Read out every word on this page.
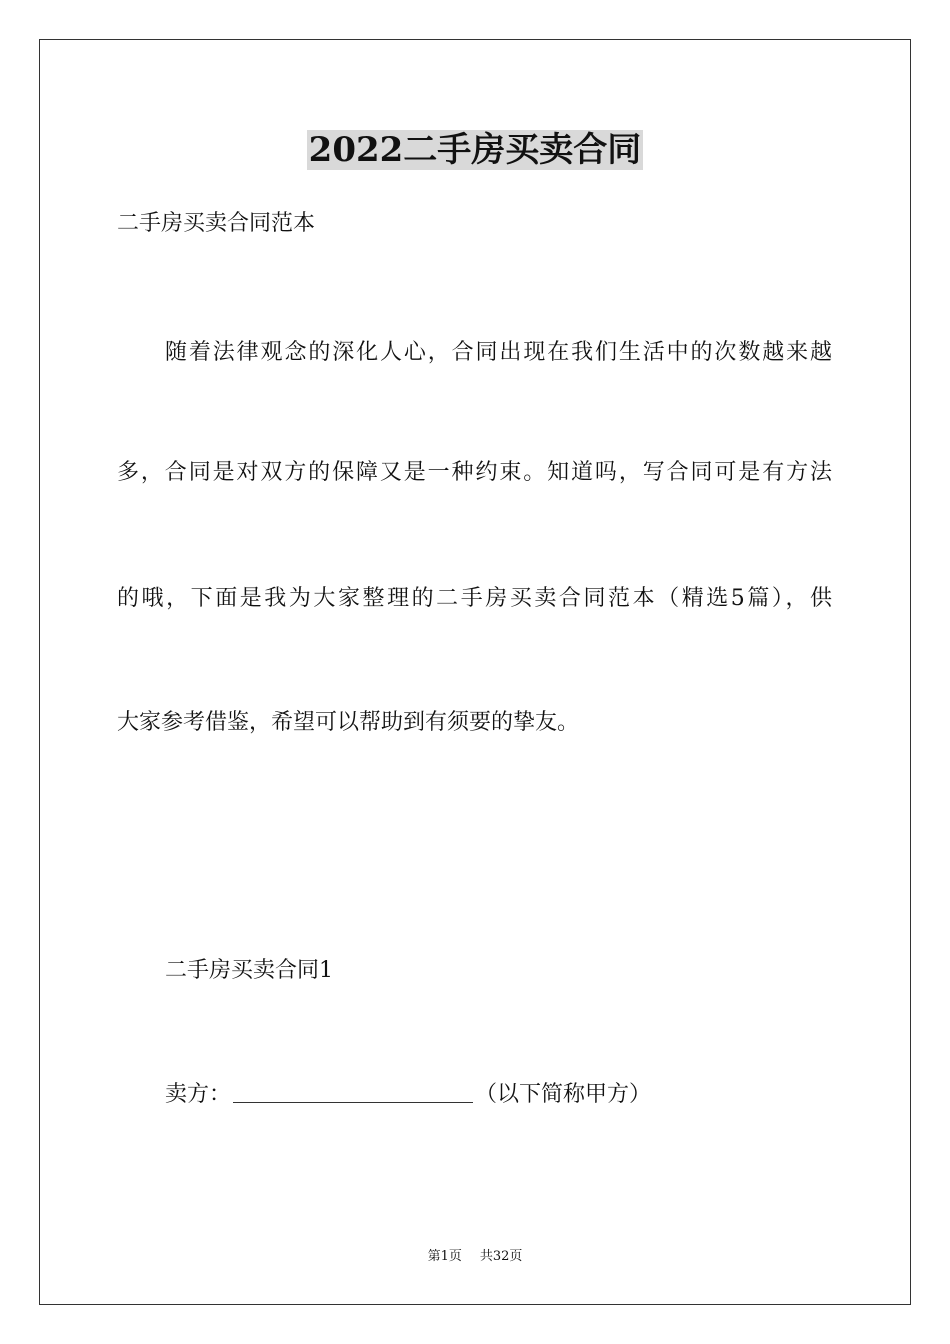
2022二手房买卖合同

二手房买卖合同范本

随着法律观念的深化人心，合同出现在我们生活中的次数越来越

多，合同是对双方的保障又是一种约束。知道吗，写合同可是有方法

的哦，下面是我为大家整理的二手房买卖合同范本（精选5篇），供

大家参考借鉴，希望可以帮助到有须要的挚友。

二手房买卖合同1

卖方：	（以下简称甲方）

第1页 共32页
